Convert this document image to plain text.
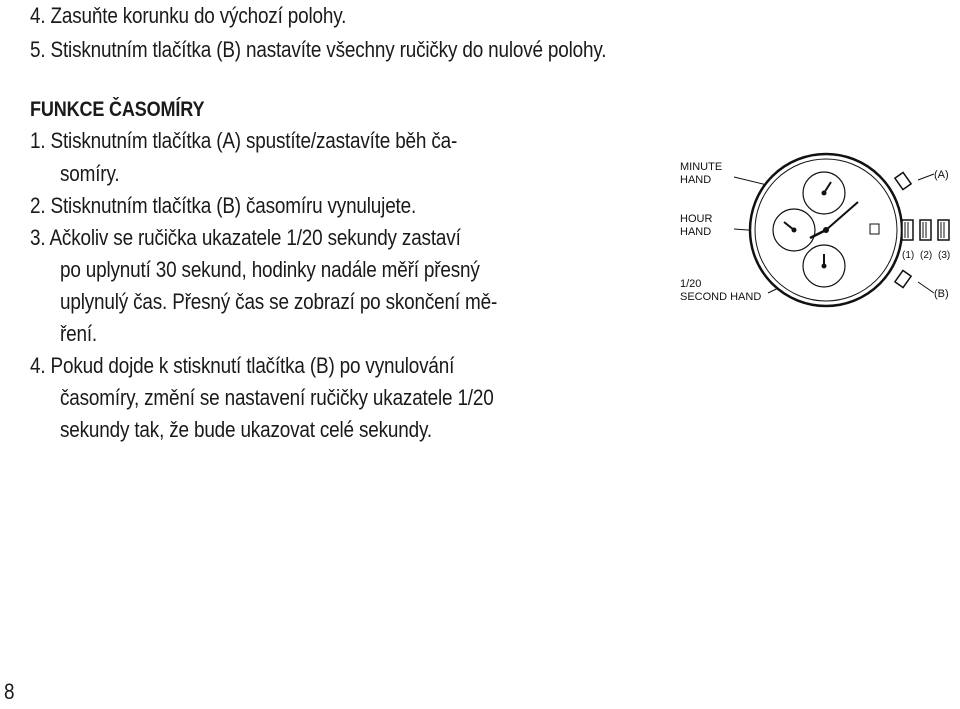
4. Zasuňte korunku do výchozí polohy.
5. Stisknutním tlačítka (B) nastavíte všechny ručičky do nulové polohy.
FUNKCE ČASOMÍRY
1. Stisknutním tlačítka (A) spustíte/zastavíte běh ča-
somíry.
2. Stisknutním tlačítka (B) časomíru vynulujete.
3. Ačkoliv se ručička ukazatele 1/20 sekundy zastaví
po uplynutí 30 sekund, hodinky nadále měří přesný
uplynulý čas. Přesný čas se zobrazí po skončení mě-
ření.
4. Pokud dojde k stisknutí tlačítka (B) po vynulování
časomíry, změní se nastavení ručičky ukazatele 1/20
sekundy tak, že bude ukazovat celé sekundy.
MINUTE
HAND
HOUR
HAND
1/20
SECOND HAND
(A)
(B)
(1) (2) (3)
8
